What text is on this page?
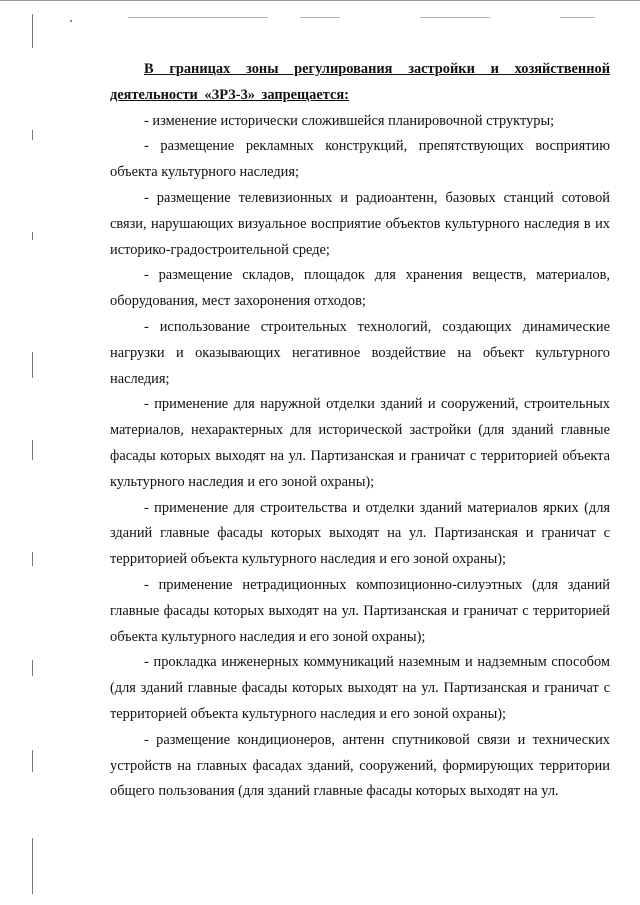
В границах зоны регулирования застройки и хозяйственной деятельности «ЗРЗ-3» запрещается:

- изменение исторически сложившейся планировочной структуры;

- размещение рекламных конструкций, препятствующих восприятию объекта культурного наследия;

- размещение телевизионных и радиоантенн, базовых станций сотовой связи, нарушающих визуальное восприятие объектов культурного наследия в их историко-градостроительной среде;

- размещение складов, площадок для хранения веществ, материалов, оборудования, мест захоронения отходов;

- использование строительных технологий, создающих динамические нагрузки и оказывающих негативное воздействие на объект культурного наследия;

- применение для наружной отделки зданий и сооружений, строительных материалов, нехарактерных для исторической застройки (для зданий главные фасады которых выходят на ул. Партизанская и граничат с территорией объекта культурного наследия и его зоной охраны);

- применение для строительства и отделки зданий материалов ярких (для зданий главные фасады которых выходят на ул. Партизанская и граничат с территорией объекта культурного наследия и его зоной охраны);

- применение нетрадиционных композиционно-силуэтных (для зданий главные фасады которых выходят на ул. Партизанская и граничат с территорией объекта культурного наследия и его зоной охраны);

- прокладка инженерных коммуникаций наземным и надземным способом (для зданий главные фасады которых выходят на ул. Партизанская и граничат с территорией объекта культурного наследия и его зоной охраны);

- размещение кондиционеров, антенн спутниковой связи и технических устройств на главных фасадах зданий, сооружений, формирующих территории общего пользования (для зданий главные фасады которых выходят на ул.
